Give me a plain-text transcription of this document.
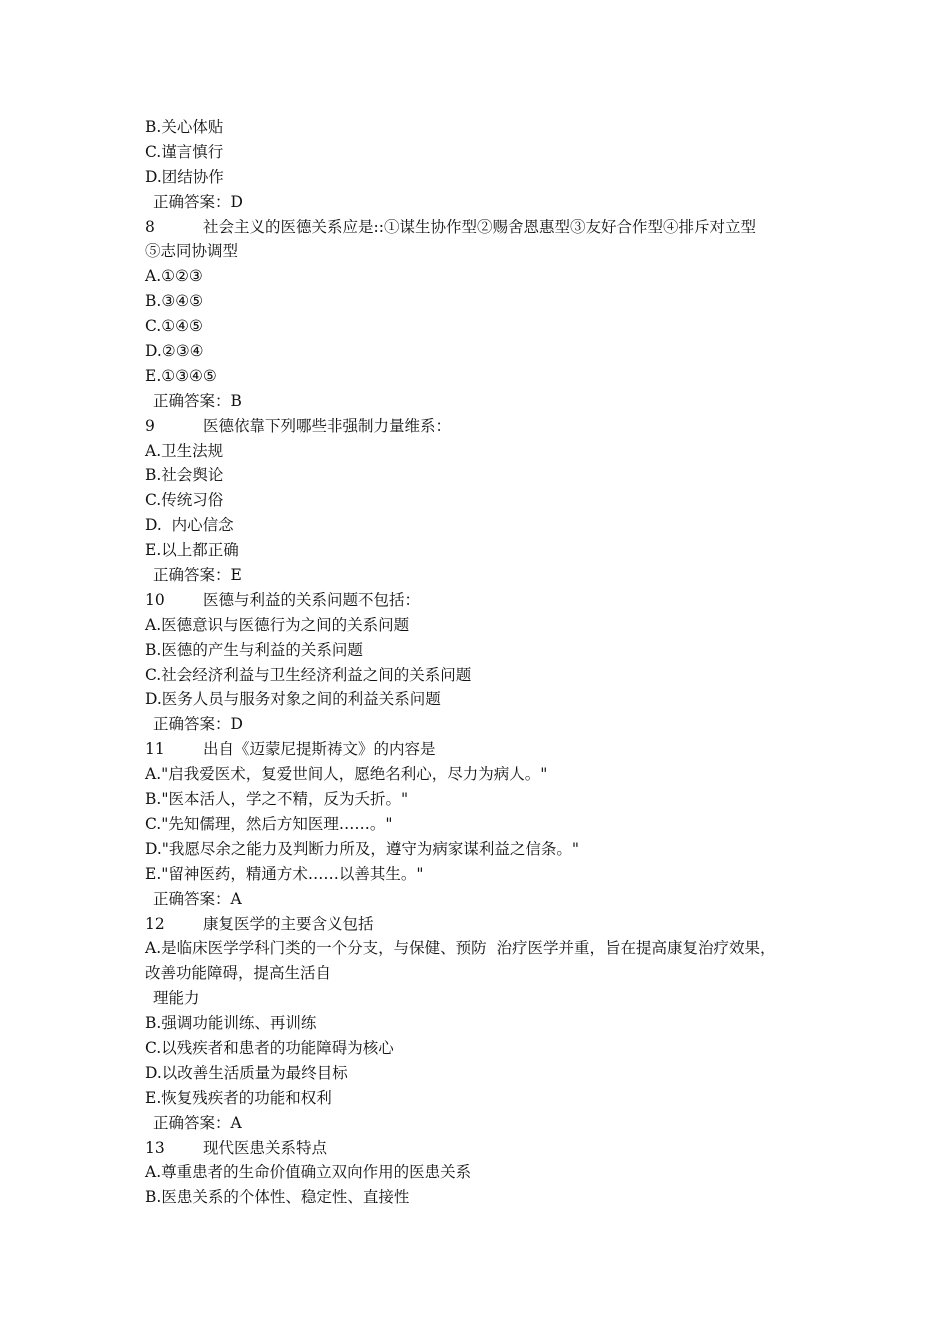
B.关心体贴
C.谨言慎行
D.团结协作
正确答案：D
8	社会主义的医德关系应是::①谋生协作型②赐舍恩惠型③友好合作型④排斥对立型
⑤志同协调型
A.①②③
B.③④⑤
C.①④⑤
D.②③④
E.①③④⑤
正确答案：B
9	医德依靠下列哪些非强制力量维系：
A.卫生法规
B.社会舆论
C.传统习俗
D.  内心信念
E.以上都正确
正确答案：E
10 医德与利益的关系问题不包括：
A.医德意识与医德行为之间的关系问题
B.医德的产生与利益的关系问题
C.社会经济利益与卫生经济利益之间的关系问题
D.医务人员与服务对象之间的利益关系问题
正确答案：D
11 出自《迈蒙尼提斯祷文》的内容是
A."启我爱医术，复爱世间人，愿绝名利心，尽力为病人。"
B."医本活人，学之不精，反为夭折。"
C."先知儒理，然后方知医理……。"
D."我愿尽余之能力及判断力所及，遵守为病家谋利益之信条。"
E."留神医药，精通方术……以善其生。"
正确答案：A
12 康复医学的主要含义包括
A.是临床医学学科门类的一个分支，与保健、预防  治疗医学并重，旨在提高康复治疗效果，
改善功能障碍，提高生活自
理能力
B.强调功能训练、再训练
C.以残疾者和患者的功能障碍为核心
D.以改善生活质量为最终目标
E.恢复残疾者的功能和权利
正确答案：A
13 现代医患关系特点
A.尊重患者的生命价值确立双向作用的医患关系
B.医患关系的个体性、稳定性、直接性
